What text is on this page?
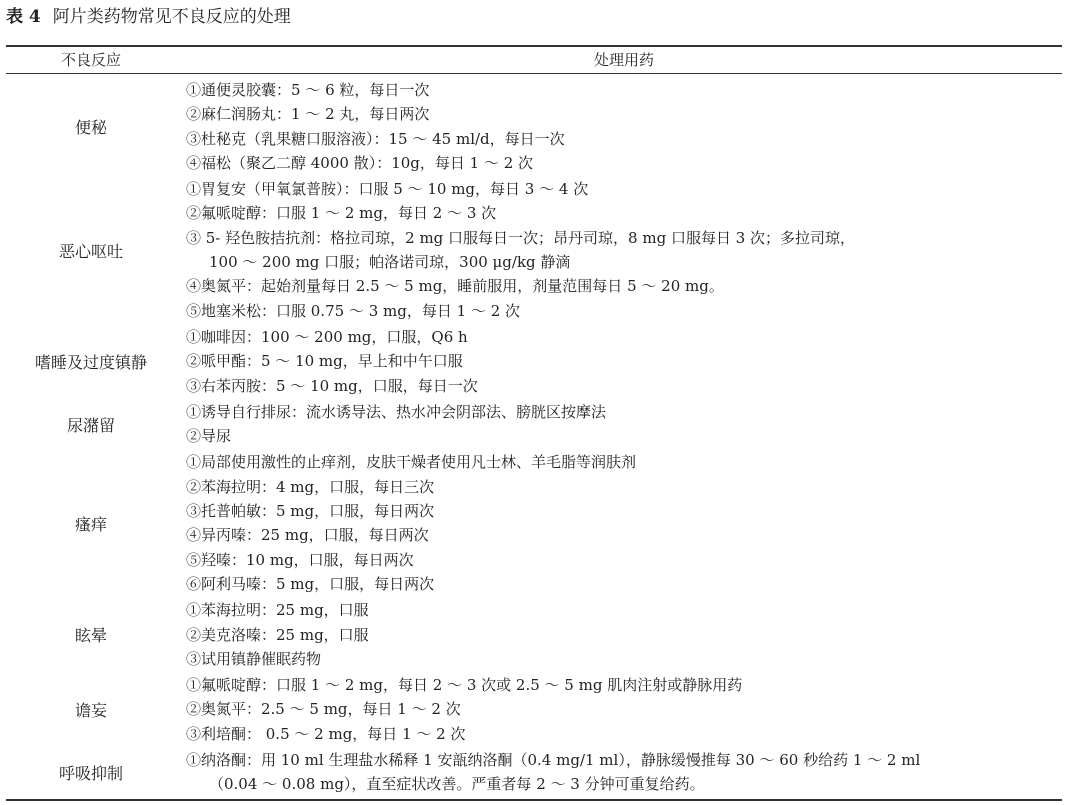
表 4 阿片类药物常见不良反应的处理
不良反应	处理用药
便秘
①通便灵胶囊：5 ～ 6 粒，每日一次
②麻仁润肠丸：1 ～ 2 丸，每日两次
③杜秘克（乳果糖口服溶液）：15 ～ 45 ml/d，每日一次
④福松（聚乙二醇 4000 散）：10g，每日 1 ～ 2 次
恶心呕吐
①胃复安（甲氧氯普胺）：口服 5 ～ 10 mg，每日 3 ～ 4 次
②氟哌啶醇：口服 1 ～ 2 mg，每日 2 ～ 3 次
③ 5- 羟色胺拮抗剂：格拉司琼，2 mg 口服每日一次；昂丹司琼，8 mg 口服每日 3 次；多拉司琼，
100 ～ 200 mg 口服；帕洛诺司琼，300 μg/kg 静滴
④奥氮平：起始剂量每日 2.5 ～ 5 mg，睡前服用，剂量范围每日 5 ～ 20 mg。
⑤地塞米松：口服 0.75 ～ 3 mg，每日 1 ～ 2 次
嗜睡及过度镇静
①咖啡因：100 ～ 200 mg，口服，Q6 h
②哌甲酯：5 ～ 10 mg，早上和中午口服
③右苯丙胺：5 ～ 10 mg，口服，每日一次
尿潴留
①诱导自行排尿：流水诱导法、热水冲会阴部法、膀胱区按摩法
②导尿
瘙痒
①局部使用激性的止痒剂，皮肤干燥者使用凡士林、羊毛脂等润肤剂
②苯海拉明：4 mg，口服，每日三次
③托普帕敏：5 mg，口服，每日两次
④异丙嗪：25 mg，口服，每日两次
⑤羟嗪：10 mg，口服，每日两次
⑥阿利马嗪：5 mg，口服，每日两次
眩晕
①苯海拉明：25 mg，口服
②美克洛嗪：25 mg，口服
③试用镇静催眠药物
谵妄
①氟哌啶醇：口服 1 ～ 2 mg，每日 2 ～ 3 次或 2.5 ～ 5 mg 肌肉注射或静脉用药
②奥氮平：2.5 ～ 5 mg，每日 1 ～ 2 次
③利培酮： 0.5 ～ 2 mg，每日 1 ～ 2 次
呼吸抑制
①纳洛酮：用 10 ml 生理盐水稀释 1 安瓿纳洛酮（0.4 mg/1 ml），静脉缓慢推每 30 ～ 60 秒给药 1 ～ 2 ml
（0.04 ～ 0.08 mg），直至症状改善。严重者每 2 ～ 3 分钟可重复给药。
